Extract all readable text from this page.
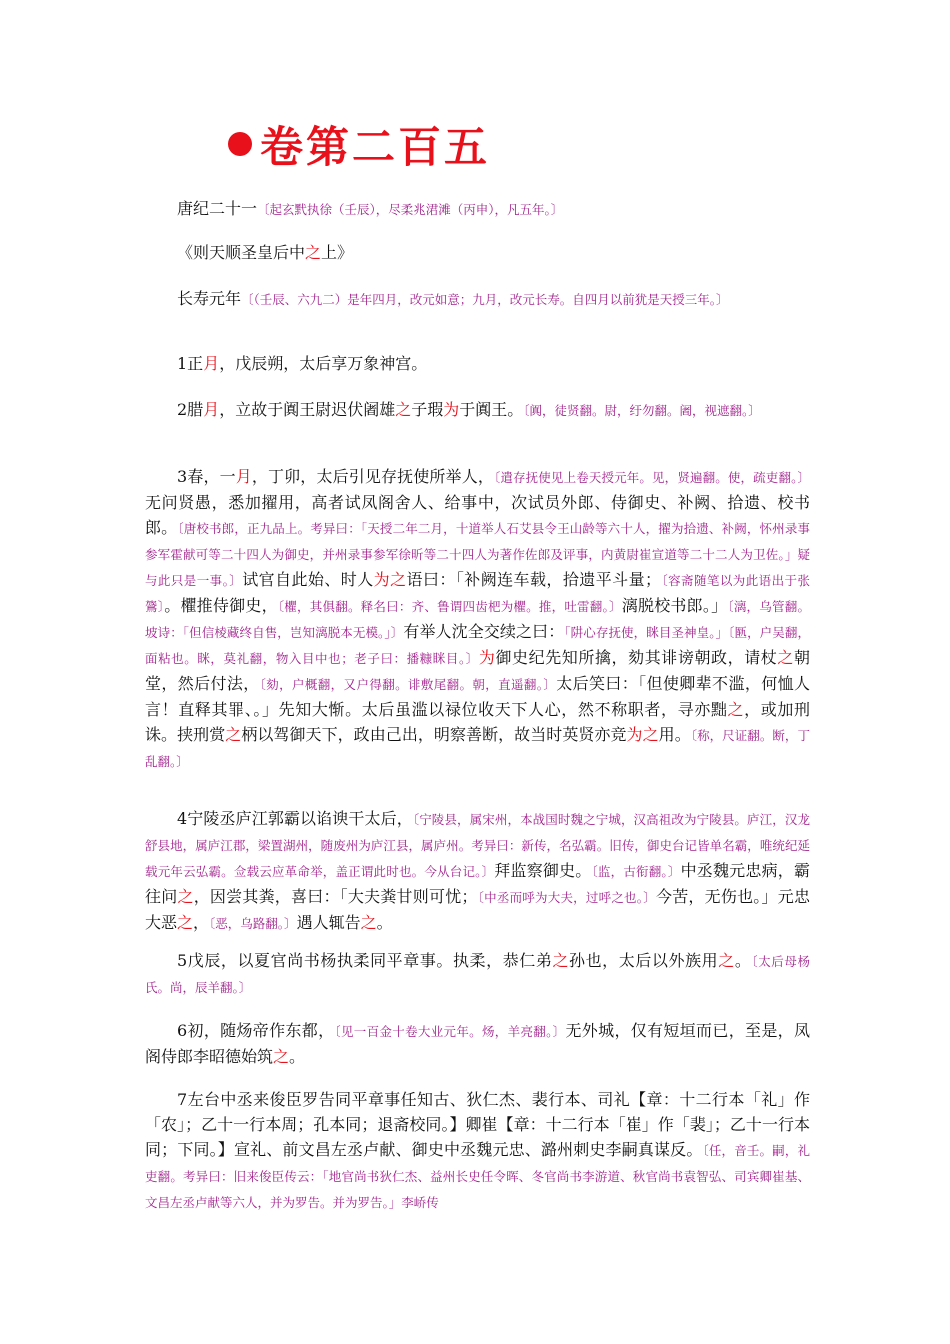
卷第二百五

唐纪二十一〔起玄黓执徐（壬辰），尽柔兆涒滩（丙申），凡五年。〕

《则天顺圣皇后中之上》

长寿元年〔（壬辰、六九二）是年四月，改元如意；九月，改元长寿。自四月以前犹是天授三年。〕

1正月，戊辰朔，太后享万象神宫。

2腊月，立故于阗王尉迟伏阇雄之子瑕为于阗王。〔阗，徒贤翻。尉，纡勿翻。阇，视遮翻。〕

3春，一月，丁卯，太后引见存抚使所举人，〔遣存抚使见上卷天授元年。见，贤遍翻。使，疏吏翻。〕无问贤愚，悉加擢用，高者试凤阁舍人、给事中，次试员外郎、侍御史、补阙、拾遗、校书郎。〔唐校书郎，正九品上。考异曰：「天授二年二月，十道举人石艾县令王山龄等六十人，擢为拾遗、补阙，怀州录事参军霍献可等二十四人为御史，并州录事参军徐昕等二十四人为著作佐郎及评事，内黄尉崔宣道等二十二人为卫佐。」疑与此只是一事。〕试官自此始、时人为之语曰：「补阙连车载，拾遗平斗量；〔容斋随笔以为此语出于张鷟〕。欋推侍御史，〔欋，其俱翻。释名曰：齐、鲁谓四齿杷为欋。推，吐雷翻。〕漓脱校书郎。」〔漓，乌管翻。坡诗：「但信棱藏终自售，岂知漓脱本无模。」〕有举人沈全交续之曰：「阱心存抚使，眯目圣神皇。」〔匦，户吴翻，面粘也。眯，莫礼翻，物入目中也；老子曰：播糠眯目。〕为御史纪先知所擒，劾其诽谤朝政，请杖之朝堂，然后付法，〔劾，户概翻，又户得翻。诽敷尾翻。朝，直遥翻。〕太后笑曰：「但使卿辈不滥，何恤人言！直释其罪、。」先知大惭。太后虽滥以禄位收天下人心，然不称职者，寻亦黜之，或加刑诛。挟刑赏之柄以驾御天下，政由己出，明察善断，故当时英贤亦竞为之用。〔称，尺证翻。断，丁乱翻。〕

4宁陵丞庐江郭霸以谄谀干太后，〔宁陵县，属宋州，本战国时魏之宁城，汉高祖改为宁陵县。庐江，汉龙舒县地，属庐江郡，梁置湖州，随废州为庐江县，属庐州。考异曰：新传，名弘霸。旧传，御史台记皆单名霸，唯统纪延载元年云弘霸。佥载云应革命举，盖正谓此时也。今从台记。〕拜监察御史。〔监，古衔翻。〕中丞魏元忠病，霸往问之，因尝其粪，喜曰：「大夫粪甘则可忧；〔中丞而呼为大夫，过呼之也。〕今苦，无伤也。」元忠大恶之，〔恶，乌路翻。〕遇人辄告之。

5戊辰，以夏官尚书杨执柔同平章事。执柔，恭仁弟之孙也，太后以外族用之。〔太后母杨氏。尚，辰羊翻。〕

6初，随炀帝作东都，〔见一百金十卷大业元年。炀，羊亮翻。〕无外城，仅有短垣而已，至是，凤阁侍郎李昭德始筑之。

7左台中丞来俊臣罗告同平章事任知古、狄仁杰、裴行本、司礼【章：十二行本「礼」作「农」；乙十一行本周；孔本同；退斋校同。】卿崔【章：十二行本「崔」作「裴」；乙十一行本同；下同。】宣礼、前文昌左丞卢献、御史中丞魏元忠、潞州刺史李嗣真谋反。〔任，音壬。嗣，礼吏翻。考异曰：旧来俊臣传云：「地官尚书狄仁杰、益州长史任令晖、冬官尚书李游道、秋官尚书袁智弘、司宾卿崔基、文昌左丞卢献等六人，并为罗告。并为罗告。」李峤传
